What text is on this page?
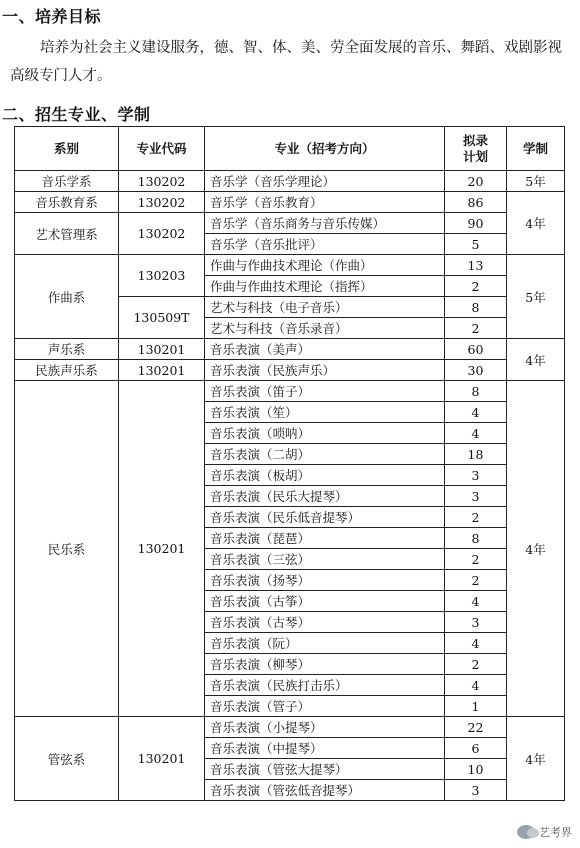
一、培养目标
培养为社会主义建设服务，德、智、体、美、劳全面发展的音乐、舞蹈、戏剧影视高级专门人才。
二、招生专业、学制
系别	专业代码	专业（招考方向）	拟录计划	学制
音乐学系	130202	音乐学（音乐学理论）	20	5年
音乐教育系	130202	音乐学（音乐教育）	86	4年
艺术管理系	130202	音乐学（音乐商务与音乐传媒）	90	
		音乐学（音乐批评）	5	
作曲系	130203	作曲与作曲技术理论（作曲）	13	5年
		作曲与作曲技术理论（指挥）	2	
	130509T	艺术与科技（电子音乐）	8	
		艺术与科技（音乐录音）	2	
声乐系	130201	音乐表演（美声）	60	4年
民族声乐系	130201	音乐表演（民族声乐）	30	
民乐系	130201	音乐表演（笛子）	8	4年
		音乐表演（笙）	4	
		音乐表演（唢呐）	4	
		音乐表演（二胡）	18	
		音乐表演（板胡）	3	
		音乐表演（民乐大提琴）	3	
		音乐表演（民乐低音提琴）	2	
		音乐表演（琵琶）	8	
		音乐表演（三弦）	2	
		音乐表演（扬琴）	2	
		音乐表演（古筝）	4	
		音乐表演（古琴）	3	
		音乐表演（阮）	4	
		音乐表演（柳琴）	2	
		音乐表演（民族打击乐）	4	
		音乐表演（管子）	1	
管弦系	130201	音乐表演（小提琴）	22	4年
		音乐表演（中提琴）	6	
		音乐表演（管弦大提琴）	10	
		音乐表演（管弦低音提琴）	3	
艺考界
